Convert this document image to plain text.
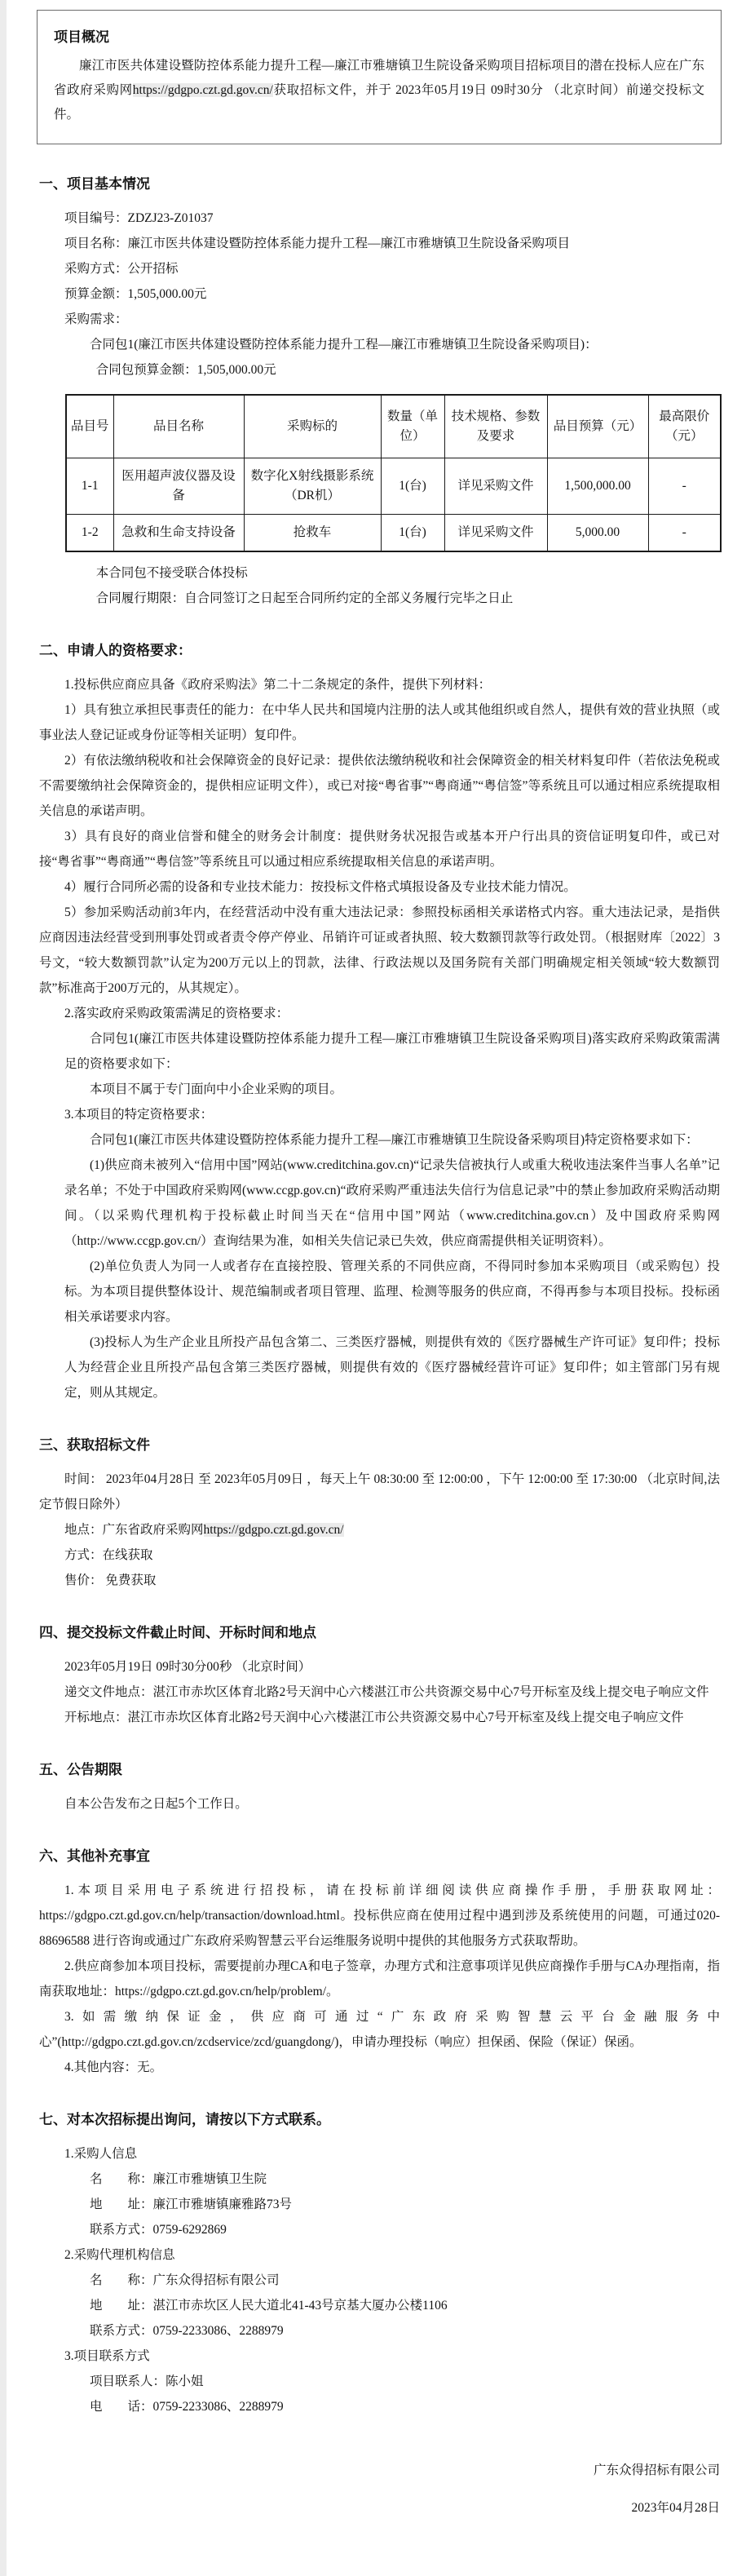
项目概况

廉江市医共体建设暨防控体系能力提升工程—廉江市雅塘镇卫生院设备采购项目招标项目的潜在投标人应在广东省政府采购网https://gdgpo.czt.gd.gov.cn/获取招标文件，并于 2023年05月19日 09时30分 （北京时间）前递交投标文件。

一、项目基本情况

项目编号：ZDZJ23-Z01037

项目名称：廉江市医共体建设暨防控体系能力提升工程—廉江市雅塘镇卫生院设备采购项目

采购方式：公开招标

预算金额：1,505,000.00元

采购需求：

合同包1(廉江市医共体建设暨防控体系能力提升工程—廉江市雅塘镇卫生院设备采购项目)：

合同包预算金额：1,505,000.00元

品目号	品目名称	采购标的	数量（单位）	技术规格、参数及要求	品目预算（元）	最高限价（元）
1-1	医用超声波仪器及设备	数字化X射线摄影系统（DR机）	1(台)	详见采购文件	1,500,000.00	-
1-2	急救和生命支持设备	抢救车	1(台)	详见采购文件	5,000.00	-

本合同包不接受联合体投标

合同履行期限：自合同签订之日起至合同所约定的全部义务履行完毕之日止

二、申请人的资格要求：

1.投标供应商应具备《政府采购法》第二十二条规定的条件，提供下列材料：

1）具有独立承担民事责任的能力：在中华人民共和国境内注册的法人或其他组织或自然人，提供有效的营业执照（或事业法人登记证或身份证等相关证明）复印件。

2）有依法缴纳税收和社会保障资金的良好记录：提供依法缴纳税收和社会保障资金的相关材料复印件（若依法免税或不需要缴纳社会保障资金的，提供相应证明文件），或已对接“粤省事”“粤商通”“粤信签”等系统且可以通过相应系统提取相关信息的承诺声明。

3）具有良好的商业信誉和健全的财务会计制度：提供财务状况报告或基本开户行出具的资信证明复印件，或已对接“粤省事”“粤商通”“粤信签”等系统且可以通过相应系统提取相关信息的承诺声明。

4）履行合同所必需的设备和专业技术能力：按投标文件格式填报设备及专业技术能力情况。

5）参加采购活动前3年内，在经营活动中没有重大违法记录：参照投标函相关承诺格式内容。重大违法记录，是指供应商因违法经营受到刑事处罚或者责令停产停业、吊销许可证或者执照、较大数额罚款等行政处罚。（根据财库〔2022〕3号文，“较大数额罚款”认定为200万元以上的罚款，法律、行政法规以及国务院有关部门明确规定相关领域“较大数额罚款”标准高于200万元的，从其规定）。

2.落实政府采购政策需满足的资格要求：

合同包1(廉江市医共体建设暨防控体系能力提升工程—廉江市雅塘镇卫生院设备采购项目)落实政府采购政策需满足的资格要求如下：

本项目不属于专门面向中小企业采购的项目。

3.本项目的特定资格要求：

合同包1(廉江市医共体建设暨防控体系能力提升工程—廉江市雅塘镇卫生院设备采购项目)特定资格要求如下：

(1)供应商未被列入“信用中国”网站(www.creditchina.gov.cn)“记录失信被执行人或重大税收违法案件当事人名单”记录名单；不处于中国政府采购网(www.ccgp.gov.cn)“政府采购严重违法失信行为信息记录”中的禁止参加政府采购活动期间。（以采购代理机构于投标截止时间当天在“信用中国”网站（www.creditchina.gov.cn）及中国政府采购网（http://www.ccgp.gov.cn/）查询结果为准，如相关失信记录已失效，供应商需提供相关证明资料）。

(2)单位负责人为同一人或者存在直接控股、管理关系的不同供应商，不得同时参加本采购项目（或采购包）投标。为本项目提供整体设计、规范编制或者项目管理、监理、检测等服务的供应商，不得再参与本项目投标。投标函相关承诺要求内容。

(3)投标人为生产企业且所投产品包含第二、三类医疗器械，则提供有效的《医疗器械生产许可证》复印件；投标人为经营企业且所投产品包含第三类医疗器械，则提供有效的《医疗器械经营许可证》复印件；如主管部门另有规定，则从其规定。

三、获取招标文件

时间： 2023年04月28日 至 2023年05月09日 ，每天上午 08:30:00 至 12:00:00 ，下午 12:00:00 至 17:30:00 （北京时间,法定节假日除外）

地点：广东省政府采购网https://gdgpo.czt.gd.gov.cn/

方式：在线获取

售价： 免费获取

四、提交投标文件截止时间、开标时间和地点

2023年05月19日 09时30分00秒 （北京时间）

递交文件地点：湛江市赤坎区体育北路2号天润中心六楼湛江市公共资源交易中心7号开标室及线上提交电子响应文件

开标地点：湛江市赤坎区体育北路2号天润中心六楼湛江市公共资源交易中心7号开标室及线上提交电子响应文件

五、公告期限

自本公告发布之日起5个工作日。

六、其他补充事宜

1.本项目采用电子系统进行招投标，请在投标前详细阅读供应商操作手册，手册获取网址：https://gdgpo.czt.gd.gov.cn/help/transaction/download.html。投标供应商在使用过程中遇到涉及系统使用的问题，可通过020-88696588 进行咨询或通过广东政府采购智慧云平台运维服务说明中提供的其他服务方式获取帮助。

2.供应商参加本项目投标，需要提前办理CA和电子签章，办理方式和注意事项详见供应商操作手册与CA办理指南，指南获取地址：https://gdgpo.czt.gd.gov.cn/help/problem/。

3.如需缴纳保证金，供应商可通过“广东政府采购智慧云平台金融服务中心”(http://gdgpo.czt.gd.gov.cn/zcdservice/zcd/guangdong/)，申请办理投标（响应）担保函、保险（保证）保函。

4.其他内容：无。

七、对本次招标提出询问，请按以下方式联系。

1.采购人信息

名　　称：廉江市雅塘镇卫生院

地　　址：廉江市雅塘镇廉雅路73号

联系方式：0759-6292869

2.采购代理机构信息

名　　称：广东众得招标有限公司

地　　址：湛江市赤坎区人民大道北41-43号京基大厦办公楼1106

联系方式：0759-2233086、2288979

3.项目联系方式

项目联系人：陈小姐

电　　话：0759-2233086、2288979

广东众得招标有限公司

2023年04月28日
